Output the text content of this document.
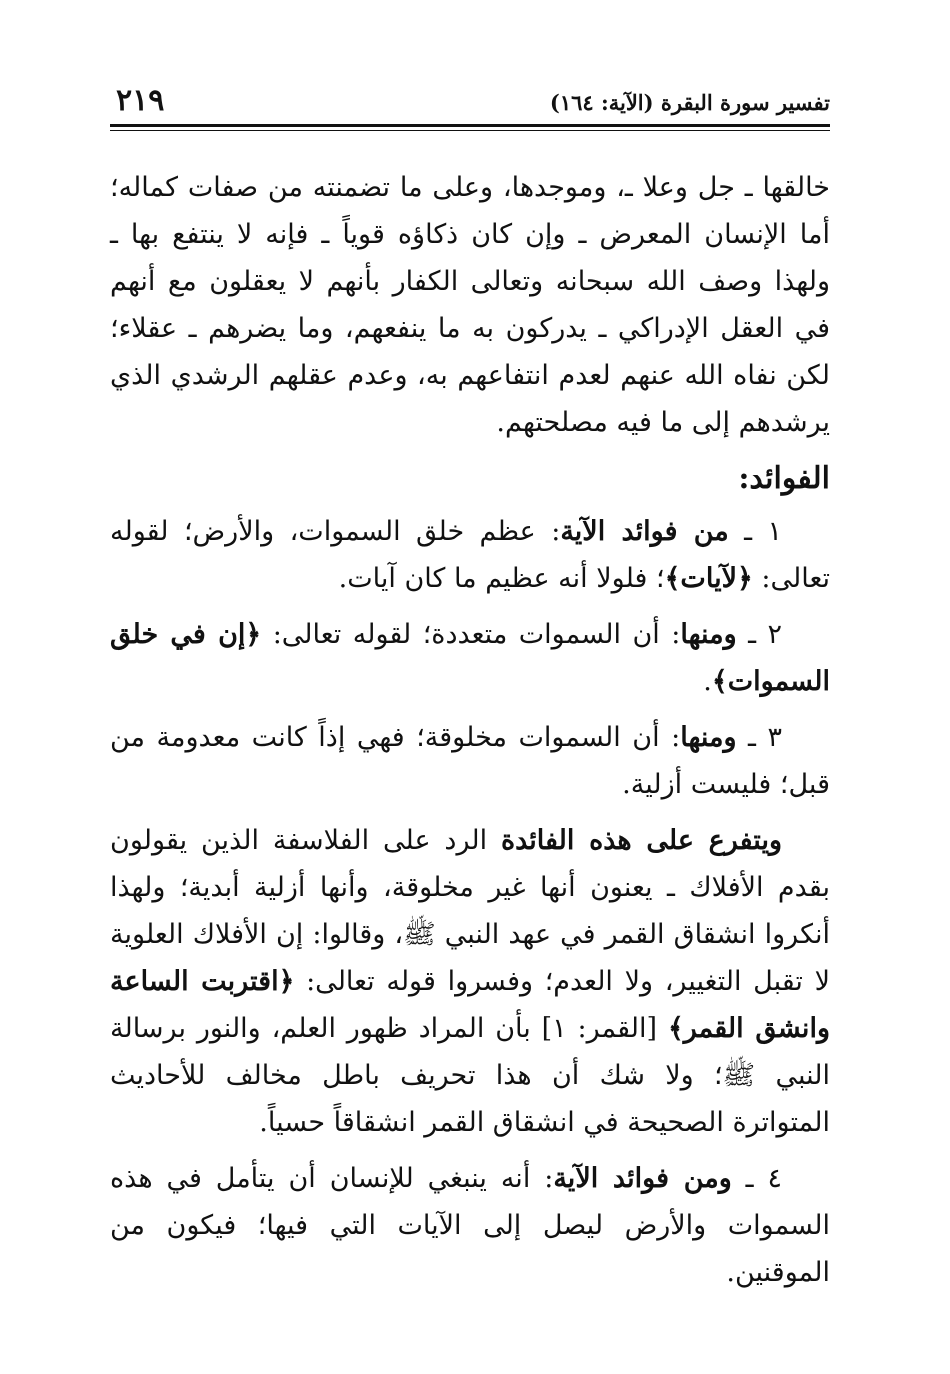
تفسير سورة البقرة (الآية: ١٦٤)
٢١٩

خالقها ـ جل وعلا ـ، وموجدها، وعلى ما تضمنته من صفات كماله؛ أما الإنسان المعرض ـ وإن كان ذكاؤه قوياً ـ فإنه لا ينتفع بها ـ ولهذا وصف الله سبحانه وتعالى الكفار بأنهم لا يعقلون مع أنهم في العقل الإدراكي ـ يدركون به ما ينفعهم، وما يضرهم ـ عقلاء؛ لكن نفاه الله عنهم لعدم انتفاعهم به، وعدم عقلهم الرشدي الذي يرشدهم إلى ما فيه مصلحتهم.

الفوائد:

١ ـ من فوائد الآية: عظم خلق السموات، والأرض؛ لقوله تعالى: ﴿لآيات﴾؛ فلولا أنه عظيم ما كان آيات.

٢ ـ ومنها: أن السموات متعددة؛ لقوله تعالى: ﴿إن في خلق السموات﴾.

٣ ـ ومنها: أن السموات مخلوقة؛ فهي إذاً كانت معدومة من قبل؛ فليست أزلية.

ويتفرع على هذه الفائدة الرد على الفلاسفة الذين يقولون بقدم الأفلاك ـ يعنون أنها غير مخلوقة، وأنها أزلية أبدية؛ ولهذا أنكروا انشقاق القمر في عهد النبي ﷺ، وقالوا: إن الأفلاك العلوية لا تقبل التغيير، ولا العدم؛ وفسروا قوله تعالى: ﴿اقتربت الساعة وانشق القمر﴾ [القمر: ١] بأن المراد ظهور العلم، والنور برسالة النبي ﷺ؛ ولا شك أن هذا تحريف باطل مخالف للأحاديث المتواترة الصحيحة في انشقاق القمر انشقاقاً حسياً.

٤ ـ ومن فوائد الآية: أنه ينبغي للإنسان أن يتأمل في هذه السموات والأرض ليصل إلى الآيات التي فيها؛ فيكون من الموقنين.
